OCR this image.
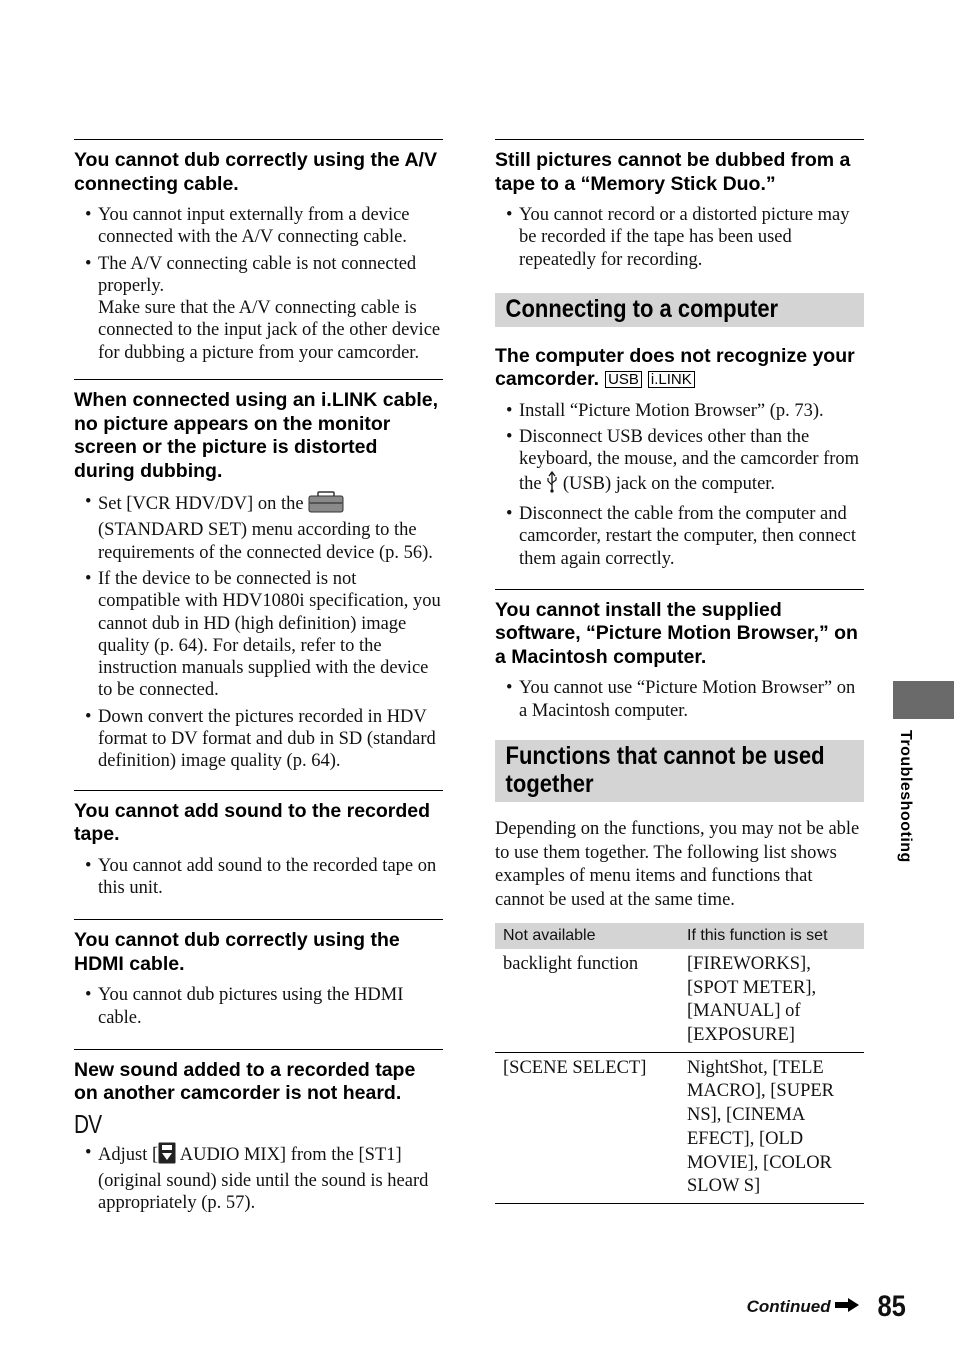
You cannot dub correctly using the A/V connecting cable.
• You cannot input externally from a device connected with the A/V connecting cable.
• The A/V connecting cable is not connected properly.
Make sure that the A/V connecting cable is connected to the input jack of the other device for dubbing a picture from your camcorder.
When connected using an i.LINK cable, no picture appears on the monitor screen or the picture is distorted during dubbing.
• Set [VCR HDV/DV] on the  (STANDARD SET) menu according to the requirements of the connected device (p. 56).
• If the device to be connected is not compatible with HDV1080i specification, you cannot dub in HD (high definition) image quality (p. 64). For details, refer to the instruction manuals supplied with the device to be connected.
• Down convert the pictures recorded in HDV format to DV format and dub in SD (standard definition) image quality (p. 64).
You cannot add sound to the recorded tape.
• You cannot add sound to the recorded tape on this unit.
You cannot dub correctly using the HDMI cable.
• You cannot dub pictures using the HDMI cable.
New sound added to a recorded tape on another camcorder is not heard.
DV
• Adjust [ AUDIO MIX] from the [ST1] (original sound) side until the sound is heard appropriately (p. 57).
Still pictures cannot be dubbed from a tape to a “Memory Stick Duo.”
• You cannot record or a distorted picture may be recorded if the tape has been used repeatedly for recording.
Connecting to a computer
The computer does not recognize your camcorder. USB i.LINK
• Install “Picture Motion Browser” (p. 73).
• Disconnect USB devices other than the keyboard, the mouse, and the camcorder from the  (USB) jack on the computer.
• Disconnect the cable from the computer and camcorder, restart the computer, then connect them again correctly.
You cannot install the supplied software, “Picture Motion Browser,” on a Macintosh computer.
• You cannot use “Picture Motion Browser” on a Macintosh computer.
Functions that cannot be used together

Depending on the functions, you may not be able to use them together. The following list shows examples of menu items and functions that cannot be used at the same time.

Not available	If this function is set
backlight function	[FIREWORKS], [SPOT METER], [MANUAL] of [EXPOSURE]
[SCENE SELECT]	NightShot, [TELE MACRO], [SUPER NS], [CINEMA EFECT], [OLD MOVIE], [COLOR SLOW S]
Troubleshooting
Continued 85
